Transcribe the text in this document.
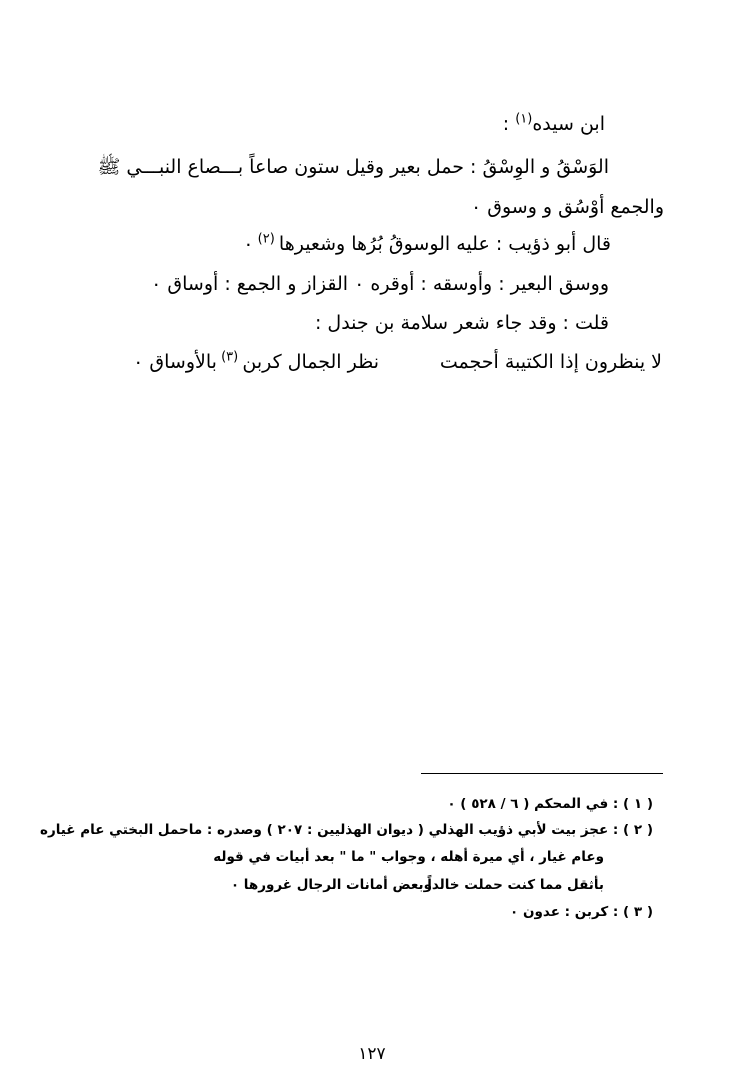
ابن سيده$^{(١)}$ :
الوَسْقُ و الوِسْقُ : حمل بعير وقيل ستون صاعاً بـــصاع النبـــي ﷺ
والجمع أوْسُق و وسوق ٠
قال أبو ذؤيب : عليه الوسوقُ بُرُها وشعيرها $^{(٢)}$ ٠
ووسق البعير : وأوسقه : أوقره ٠ القزاز و الجمع : أوساق ٠
قلت : وقد جاء شعر سلامة بن جندل :
لا ينظرون إذا الكتيبة أحجمت
نظر الجمال كربن $^{(٣)}$ بالأوساق ٠
( ١ ) : في المحكم ( ٦ / ٥٢٨ ) ٠
( ٢ ) : عجز بيت لأبي ذؤيب الهذلي ( ديوان الهذليين : ٢٠٧ ) وصدره : ماحمل البختي عام غياره
وعام غيار ، أي ميرة أهله ، وجواب " ما " بعد أبيات في قوله
بأثقل مما كنت حملت خالداً
وبعض أمانات الرجال غرورها ٠
( ٣ ) : كربن : عدون ٠
١٢٧
